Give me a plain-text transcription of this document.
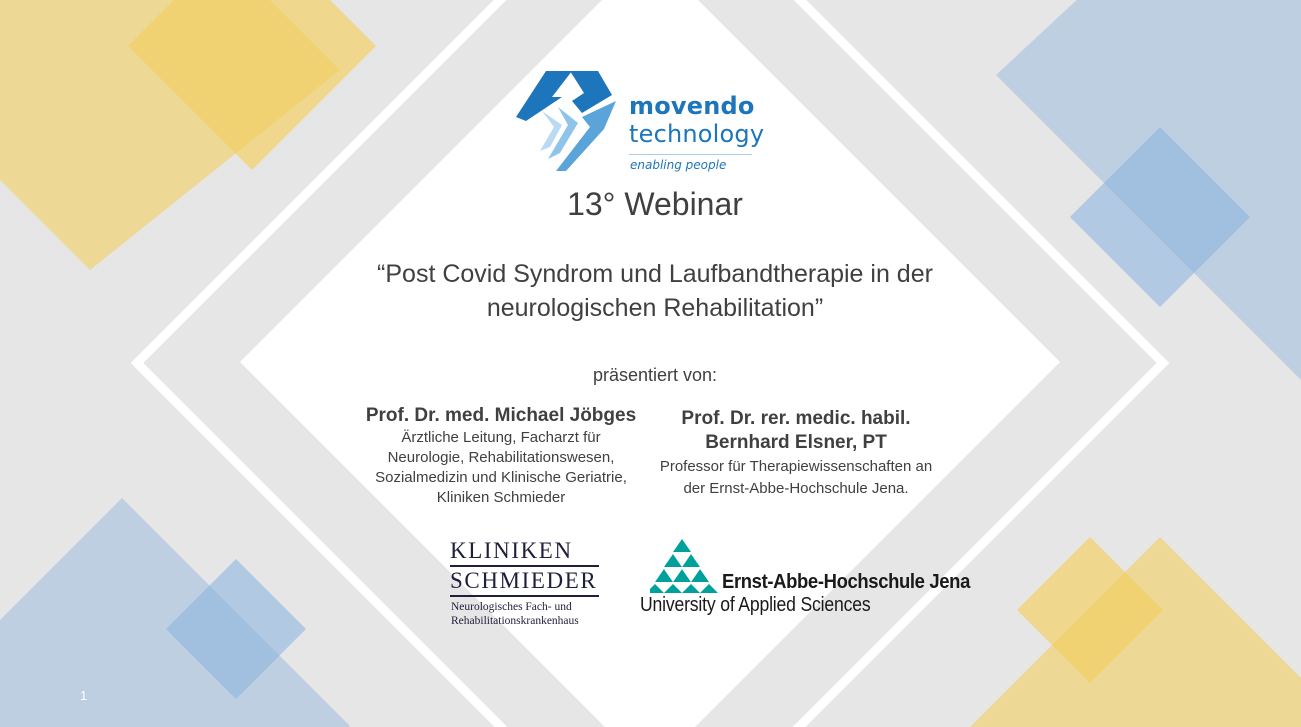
movendo
technology
enabling people
13° Webinar
“Post Covid Syndrom und Laufbandtherapie in der
neurologischen Rehabilitation”
präsentiert von:
Prof. Dr. med. Michael Jöbges
Ärztliche Leitung, Facharzt für
Neurologie, Rehabilitationswesen,
Sozialmedizin und Klinische Geriatrie,
Kliniken Schmieder
Prof. Dr. rer. medic. habil.
Bernhard Elsner, PT
Professor für Therapiewissenschaften an
der Ernst-Abbe-Hochschule Jena.
KLINIKEN
SCHMIEDER
Neurologisches Fach- und
Rehabilitationskrankenhaus
Ernst-Abbe-Hochschule Jena
University of Applied Sciences
1
